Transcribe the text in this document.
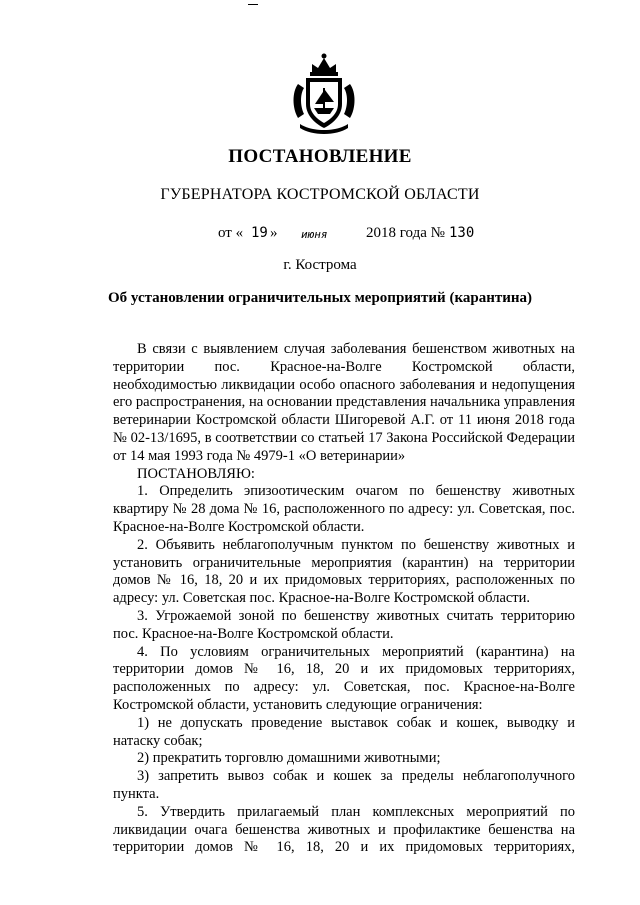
ПОСТАНОВЛЕНИЕ
ГУБЕРНАТОРА КОСТРОМСКОЙ ОБЛАСТИ
от « 19 » июня	2018 года № 130
г. Кострома
Об установлении ограничительных мероприятий (карантина)

В связи с выявлением случая заболевания бешенством животных на территории пос. Красное-на-Волге Костромской области, необходимостью ликвидации особо опасного заболевания и недопущения его распространения, на основании представления начальника управления ветеринарии Костромской области Шигоревой А.Г. от 11 июня 2018 года № 02-13/1695, в соответствии со статьей 17 Закона Российской Федерации от 14 мая 1993 года № 4979-1 «О ветеринарии»

ПОСТАНОВЛЯЮ:

1. Определить эпизоотическим очагом по бешенству животных квартиру № 28 дома № 16, расположенного по адресу: ул. Советская, пос. Красное-на-Волге Костромской области.

2. Объявить неблагополучным пунктом по бешенству животных и установить ограничительные мероприятия (карантин) на территории домов № 16, 18, 20 и их придомовых территориях, расположенных по адресу: ул. Советская пос. Красное-на-Волге Костромской области.

3. Угрожаемой зоной по бешенству животных считать территорию пос. Красное-на-Волге Костромской области.

4. По условиям ограничительных мероприятий (карантина) на территории домов № 16, 18, 20 и их придомовых территориях, расположенных по адресу: ул. Советская, пос. Красное-на-Волге Костромской области, установить следующие ограничения:

1) не допускать проведение выставок собак и кошек, выводку и натаску собак;

2) прекратить торговлю домашними животными;

3) запретить вывоз собак и кошек за пределы неблагополучного пункта.

5. Утвердить прилагаемый план комплексных мероприятий по ликвидации очага бешенства животных и профилактике бешенства на территории домов № 16, 18, 20 и их придомовых территориях,
